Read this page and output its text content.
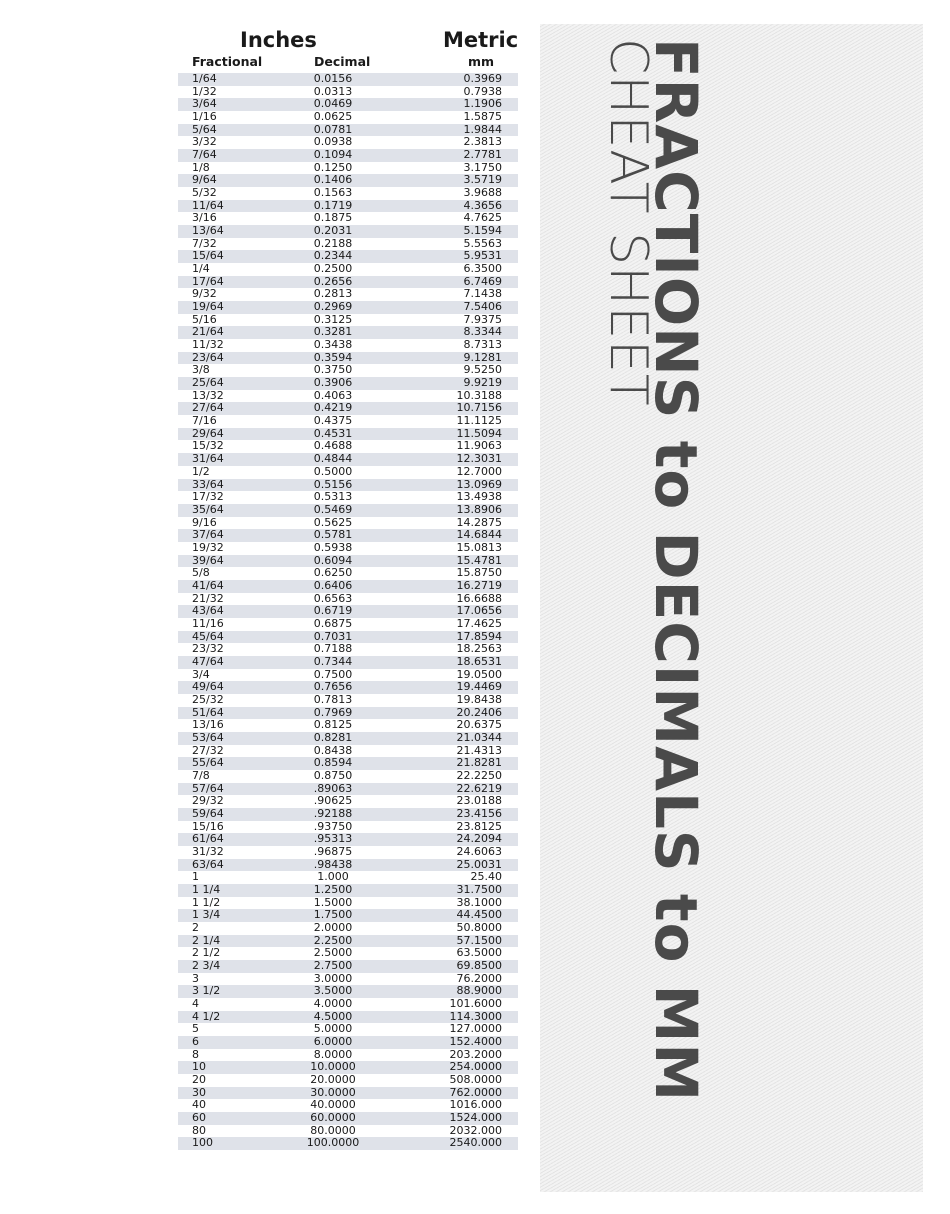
Inches	Metric
Fractional	Decimal	mm
1/64	0.0156	0.3969
1/32	0.0313	0.7938
3/64	0.0469	1.1906
1/16	0.0625	1.5875
5/64	0.0781	1.9844
3/32	0.0938	2.3813
7/64	0.1094	2.7781
1/8	0.1250	3.1750
9/64	0.1406	3.5719
5/32	0.1563	3.9688
11/64	0.1719	4.3656
3/16	0.1875	4.7625
13/64	0.2031	5.1594
7/32	0.2188	5.5563
15/64	0.2344	5.9531
1/4	0.2500	6.3500
17/64	0.2656	6.7469
9/32	0.2813	7.1438
19/64	0.2969	7.5406
5/16	0.3125	7.9375
21/64	0.3281	8.3344
11/32	0.3438	8.7313
23/64	0.3594	9.1281
3/8	0.3750	9.5250
25/64	0.3906	9.9219
13/32	0.4063	10.3188
27/64	0.4219	10.7156
7/16	0.4375	11.1125
29/64	0.4531	11.5094
15/32	0.4688	11.9063
31/64	0.4844	12.3031
1/2	0.5000	12.7000
33/64	0.5156	13.0969
17/32	0.5313	13.4938
35/64	0.5469	13.8906
9/16	0.5625	14.2875
37/64	0.5781	14.6844
19/32	0.5938	15.0813
39/64	0.6094	15.4781
5/8	0.6250	15.8750
41/64	0.6406	16.2719
21/32	0.6563	16.6688
43/64	0.6719	17.0656
11/16	0.6875	17.4625
45/64	0.7031	17.8594
23/32	0.7188	18.2563
47/64	0.7344	18.6531
3/4	0.7500	19.0500
49/64	0.7656	19.4469
25/32	0.7813	19.8438
51/64	0.7969	20.2406
13/16	0.8125	20.6375
53/64	0.8281	21.0344
27/32	0.8438	21.4313
55/64	0.8594	21.8281
7/8	0.8750	22.2250
57/64	.89063	22.6219
29/32	.90625	23.0188
59/64	.92188	23.4156
15/16	.93750	23.8125
61/64	.95313	24.2094
31/32	.96875	24.6063
63/64	.98438	25.0031
1	1.000	25.40
1 1/4	1.2500	31.7500
1 1/2	1.5000	38.1000
1 3/4	1.7500	44.4500
2	2.0000	50.8000
2 1/4	2.2500	57.1500
2 1/2	2.5000	63.5000
2 3/4	2.7500	69.8500
3	3.0000	76.2000
3 1/2	3.5000	88.9000
4	4.0000	101.6000
4 1/2	4.5000	114.3000
5	5.0000	127.0000
6	6.0000	152.4000
8	8.0000	203.2000
10	10.0000	254.0000
20	20.0000	508.0000
30	30.0000	762.0000
40	40.0000	1016.000
60	60.0000	1524.000
80	80.0000	2032.000
100	100.0000	2540.000
FRACTIONS to DECIMALS to MM
CHEAT SHEET
